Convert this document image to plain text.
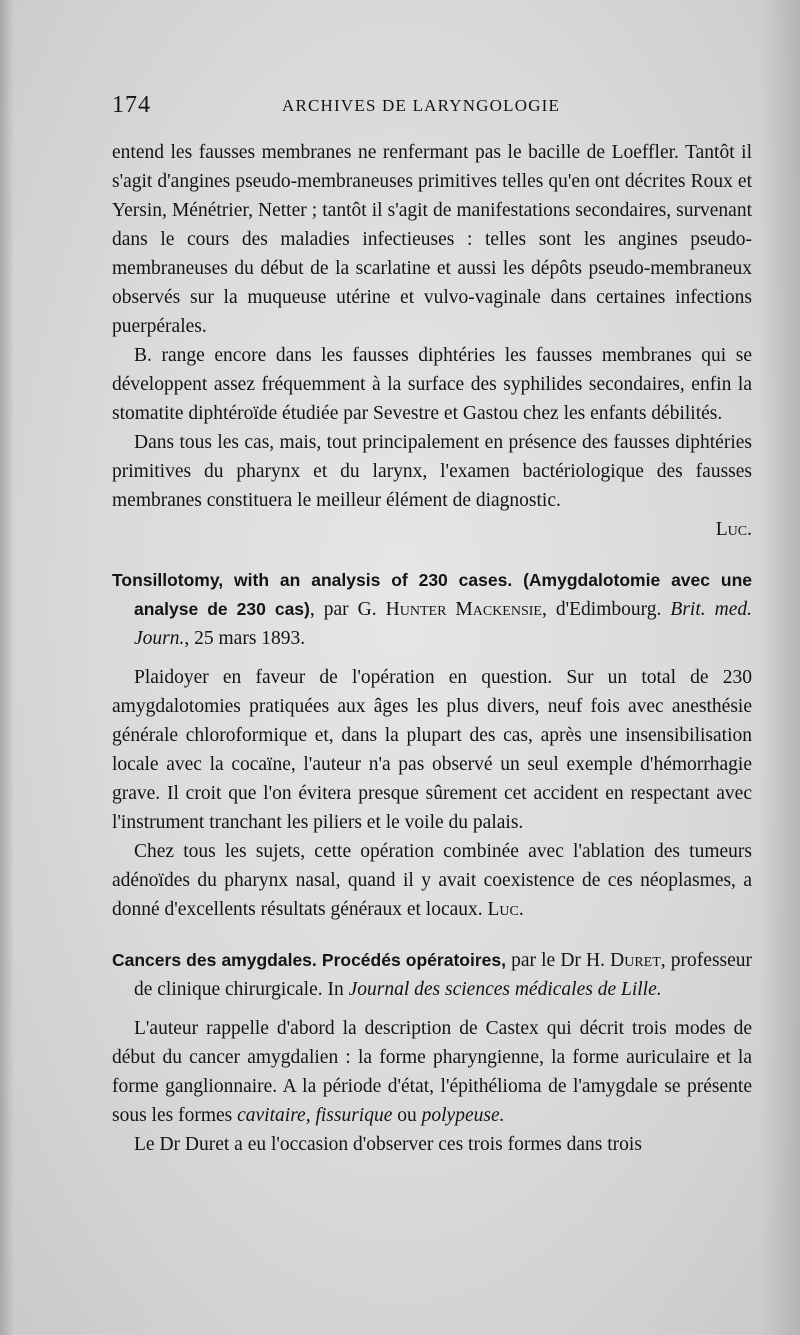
174	ARCHIVES DE LARYNGOLOGIE

entend les fausses membranes ne renfermant pas le bacille de Loeffler. Tantôt il s'agit d'angines pseudo-membraneuses primitives telles qu'en ont décrites Roux et Yersin, Ménétrier, Netter ; tantôt il s'agit de manifestations secondaires, survenant dans le cours des maladies infectieuses : telles sont les angines pseudo-membraneuses du début de la scarlatine et aussi les dépôts pseudo-membraneux observés sur la muqueuse utérine et vulvo-vaginale dans certaines infections puerpérales.

B. range encore dans les fausses diphtéries les fausses membranes qui se développent assez fréquemment à la surface des syphilides secondaires, enfin la stomatite diphtéroïde étudiée par Sevestre et Gastou chez les enfants débilités.

Dans tous les cas, mais, tout principalement en présence des fausses diphtéries primitives du pharynx et du larynx, l'examen bactériologique des fausses membranes constituera le meilleur élément de diagnostic.

Luc.

Tonsillotomy, with an analysis of 230 cases. (Amygdalotomie avec une analyse de 230 cas), par G. Hunter Mackensie, d'Edimbourg. Brit. med. Journ., 25 mars 1893.

Plaidoyer en faveur de l'opération en question. Sur un total de 230 amygdalotomies pratiquées aux âges les plus divers, neuf fois avec anesthésie générale chloroformique et, dans la plupart des cas, après une insensibilisation locale avec la cocaïne, l'auteur n'a pas observé un seul exemple d'hémorrhagie grave. Il croit que l'on évitera presque sûrement cet accident en respectant avec l'instrument tranchant les piliers et le voile du palais.

Chez tous les sujets, cette opération combinée avec l'ablation des tumeurs adénoïdes du pharynx nasal, quand il y avait coexistence de ces néoplasmes, a donné d'excellents résultats généraux et locaux. Luc.

Cancers des amygdales. Procédés opératoires, par le Dr H. Duret, professeur de clinique chirurgicale. In Journal des sciences médicales de Lille.

L'auteur rappelle d'abord la description de Castex qui décrit trois modes de début du cancer amygdalien : la forme pharyngienne, la forme auriculaire et la forme ganglionnaire. A la période d'état, l'épithélioma de l'amygdale se présente sous les formes cavitaire, fissurique ou polypeuse.

Le Dr Duret a eu l'occasion d'observer ces trois formes dans trois
